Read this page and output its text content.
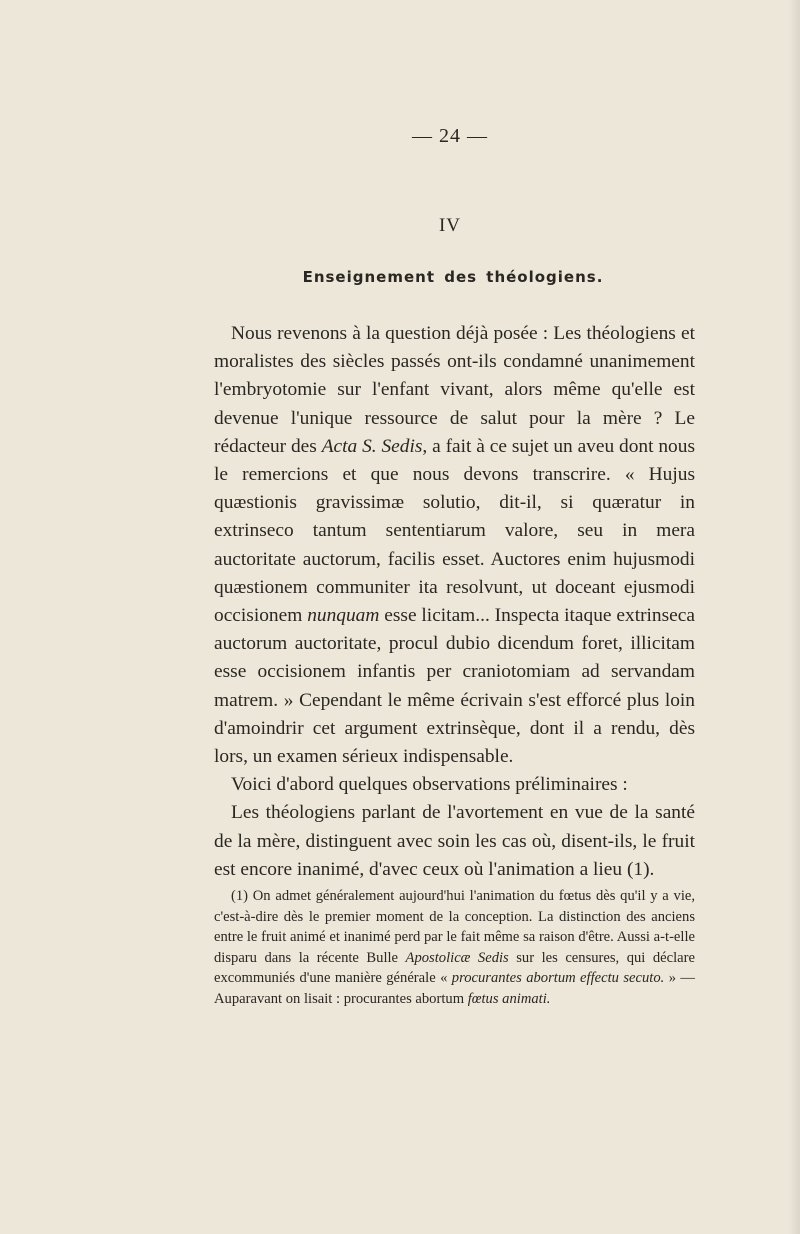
— 24 —
IV
Enseignement des théologiens.

Nous revenons à la question déjà posée : Les théologiens et moralistes des siècles passés ont-ils condamné unanimement l'embryotomie sur l'enfant vivant, alors même qu'elle est devenue l'unique ressource de salut pour la mère ? Le rédacteur des Acta S. Sedis, a fait à ce sujet un aveu dont nous le remercions et que nous devons transcrire. « Hujus quæstionis gravissimæ solutio, dit-il, si quæratur in extrinseco tantum sententiarum valore, seu in mera auctoritate auctorum, facilis esset. Auctores enim hujusmodi quæstionem communiter ita resolvunt, ut doceant ejusmodi occisionem nunquam esse licitam... Inspecta itaque extrinseca auctorum auctoritate, procul dubio dicendum foret, illicitam esse occisionem infantis per craniotomiam ad servandam matrem. » Cependant le même écrivain s'est efforcé plus loin d'amoindrir cet argument extrinsèque, dont il a rendu, dès lors, un examen sérieux indispensable.

Voici d'abord quelques observations préliminaires :

Les théologiens parlant de l'avortement en vue de la santé de la mère, distinguent avec soin les cas où, disent-ils, le fruit est encore inanimé, d'avec ceux où l'animation a lieu (1).

(1) On admet généralement aujourd'hui l'animation du fœtus dès qu'il y a vie, c'est-à-dire dès le premier moment de la conception. La distinction des anciens entre le fruit animé et inanimé perd par le fait même sa raison d'être. Aussi a-t-elle disparu dans la récente Bulle Apostolicæ Sedis sur les censures, qui déclare excommuniés d'une manière générale « procurantes abortum effectu secuto. » — Auparavant on lisait : procurantes abortum fœtus animati.
